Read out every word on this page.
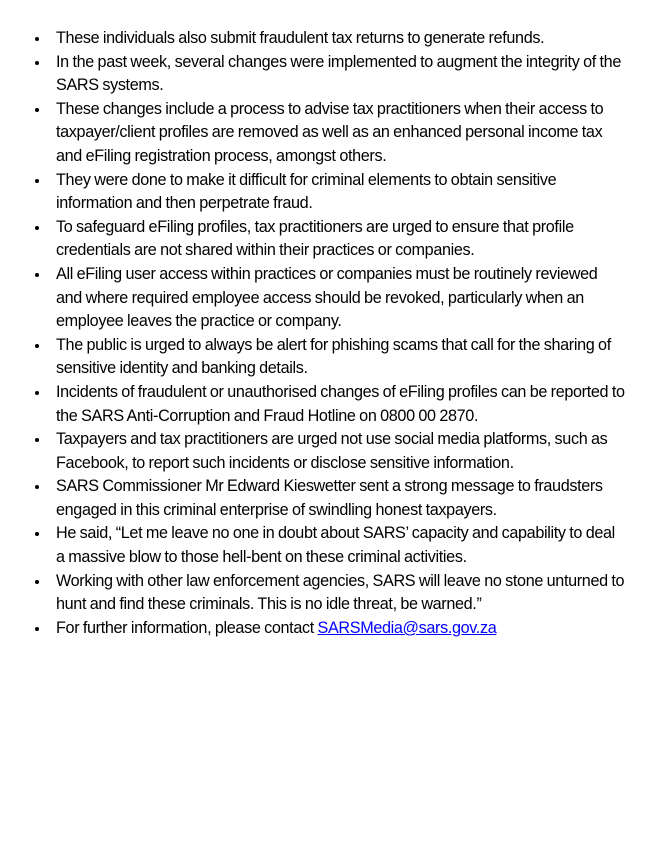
These individuals also submit fraudulent tax returns to generate refunds.
In the past week, several changes were implemented to augment the integrity of the SARS systems.
These changes include a process to advise tax practitioners when their access to taxpayer/client profiles are removed as well as an enhanced personal income tax and eFiling registration process, amongst others.
They were done to make it difficult for criminal elements to obtain sensitive information and then perpetrate fraud.
To safeguard eFiling profiles, tax practitioners are urged to ensure that profile credentials are not shared within their practices or companies.
All eFiling user access within practices or companies must be routinely reviewed and where required employee access should be revoked, particularly when an employee leaves the practice or company.
The public is urged to always be alert for phishing scams that call for the sharing of sensitive identity and banking details.
Incidents of fraudulent or unauthorised changes of eFiling profiles can be reported to the SARS Anti-Corruption and Fraud Hotline on 0800 00 2870.
Taxpayers and tax practitioners are urged not use social media platforms, such as Facebook, to report such incidents or disclose sensitive information.
SARS Commissioner Mr Edward Kieswetter sent a strong message to fraudsters engaged in this criminal enterprise of swindling honest taxpayers.
He said, “Let me leave no one in doubt about SARS’ capacity and capability to deal a massive blow to those hell-bent on these criminal activities.
Working with other law enforcement agencies, SARS will leave no stone unturned to hunt and find these criminals. This is no idle threat, be warned.”
For further information, please contact SARSMedia@sars.gov.za
